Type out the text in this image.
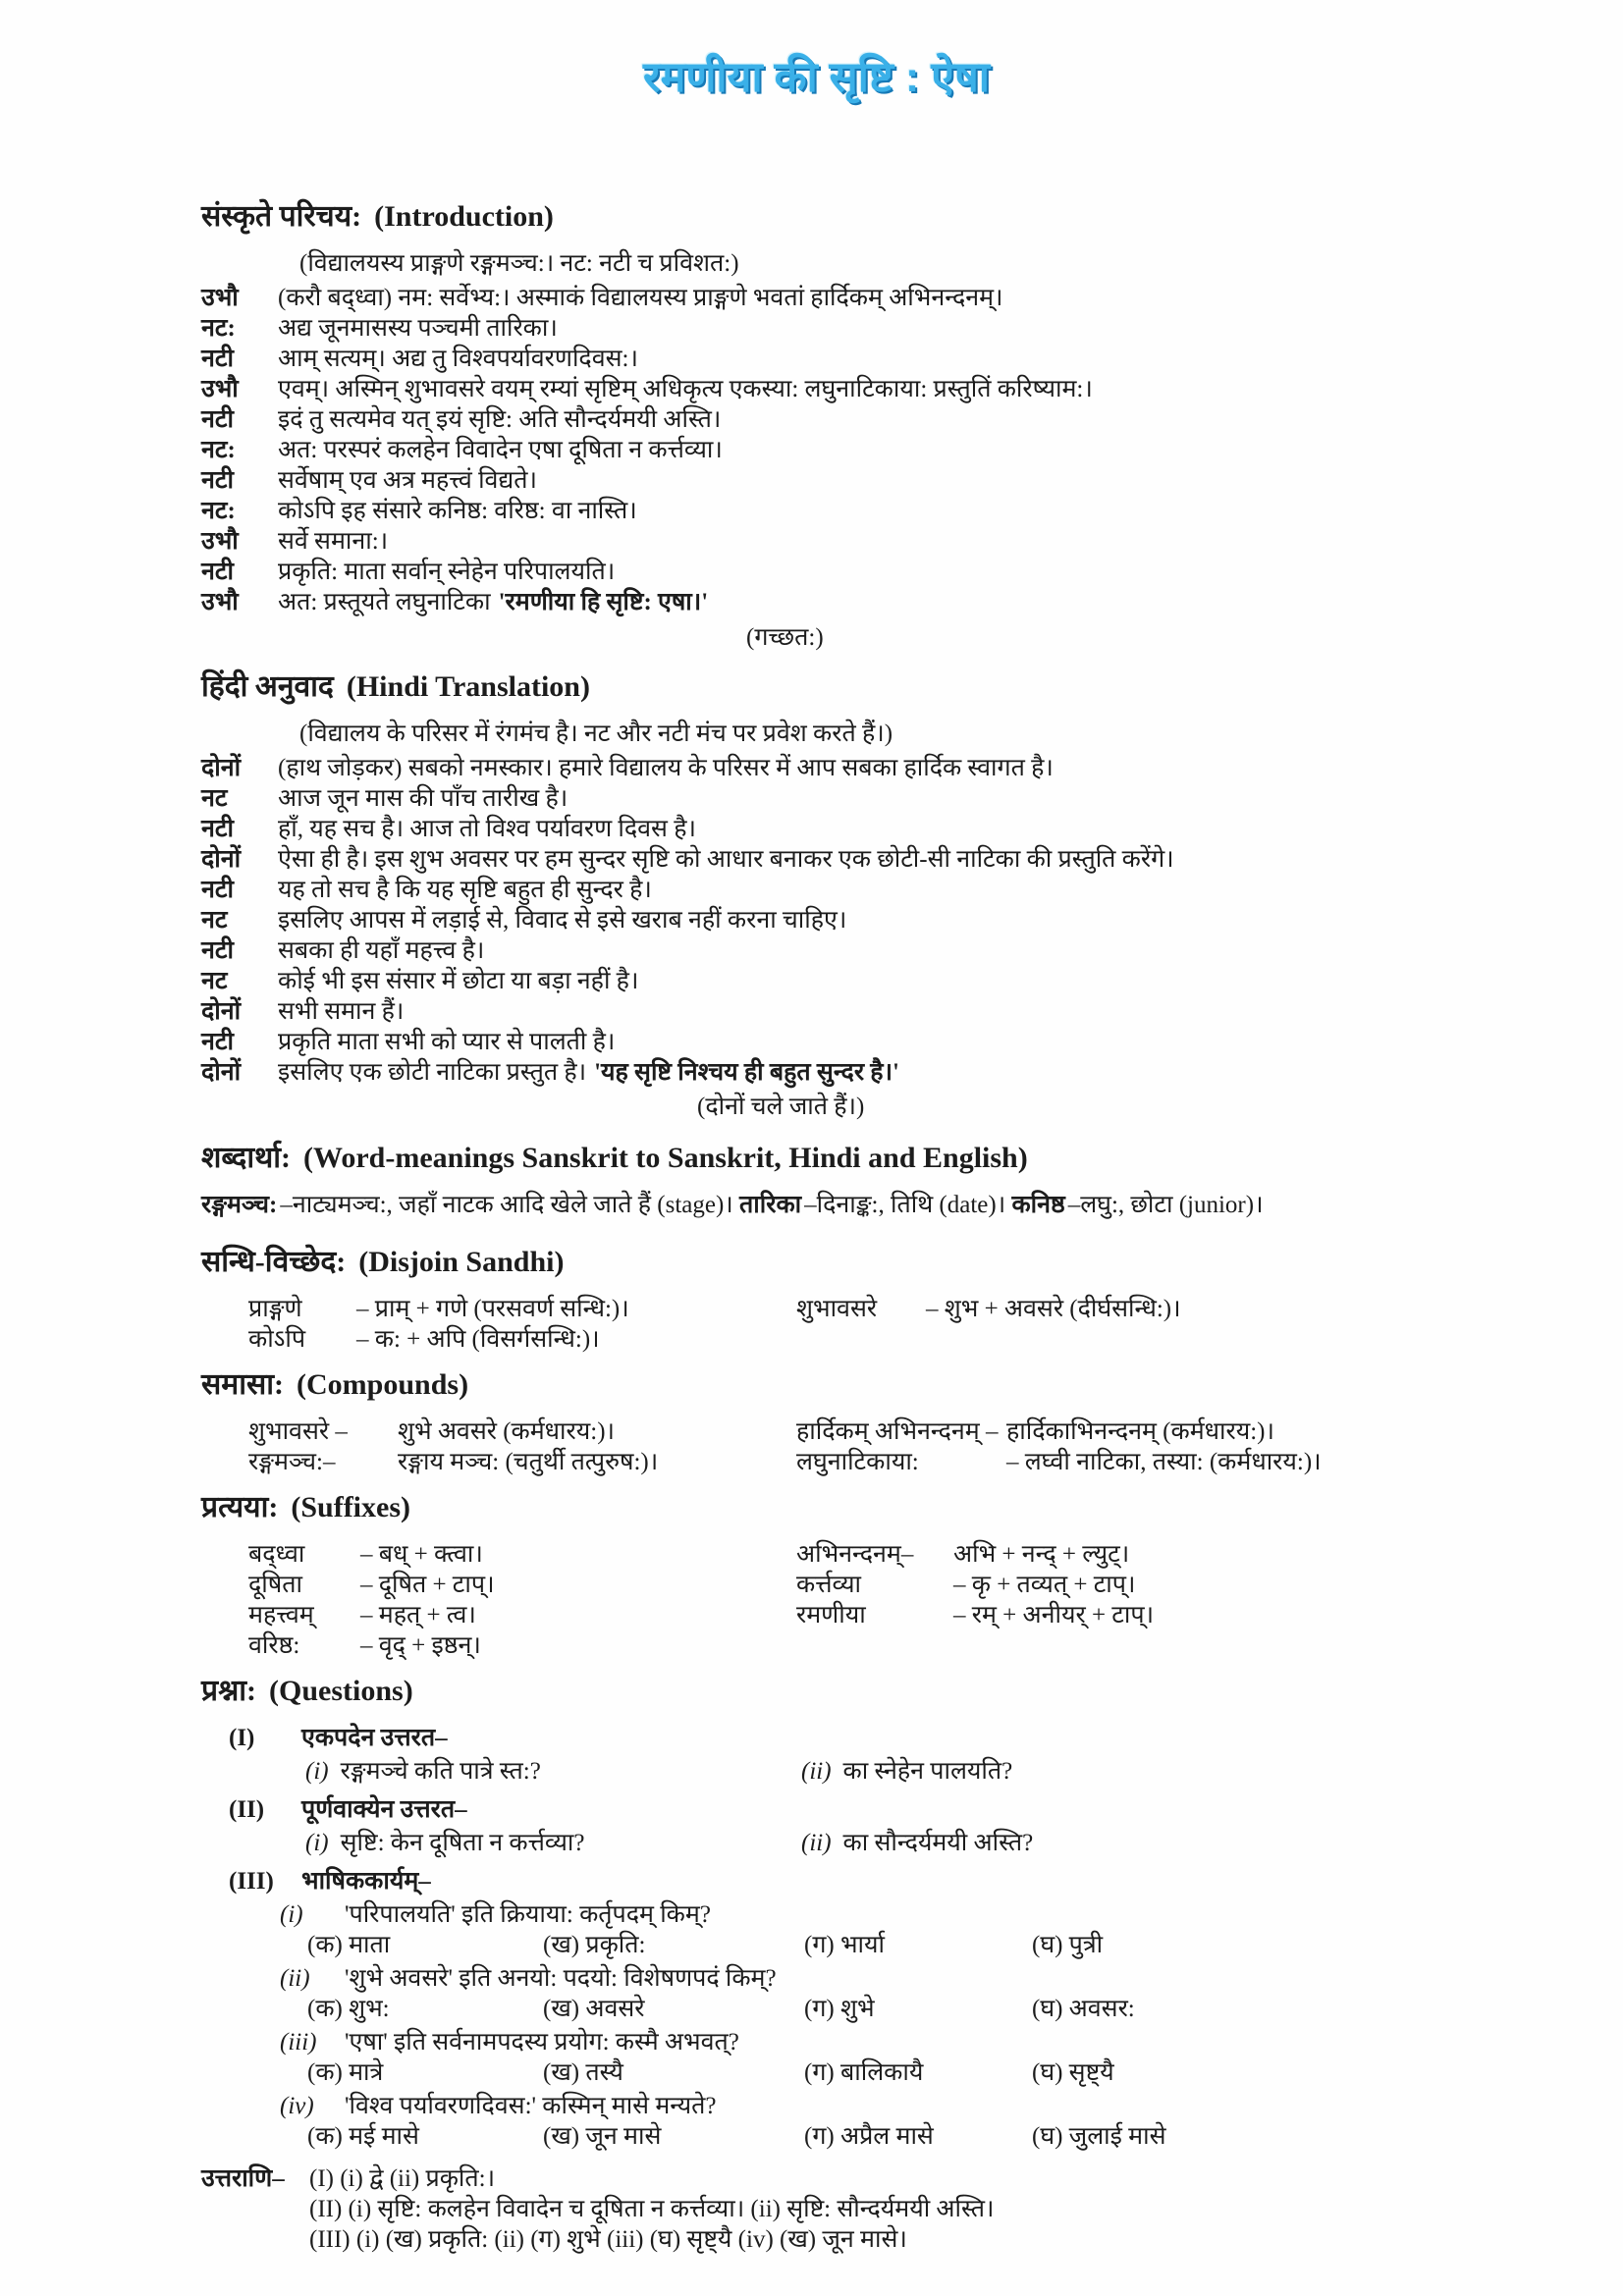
रमणीया की सृष्टि : ऐषा
संस्कृते परिचय: (Introduction)
(विद्यालयस्य प्राङ्गणे रङ्गमञ्च:। नट: नटी च प्रविशत:)
उभौ	(करौ बद्ध्वा) नम: सर्वेभ्य:। अस्माकं विद्यालयस्य प्राङ्गणे भवतां हार्दिकम् अभिनन्दनम्।
नट:	अद्य जूनमासस्य पञ्चमी तारिका।
नटी	आम् सत्यम्। अद्य तु विश्वपर्यावरणदिवस:।
उभौ	एवम्। अस्मिन् शुभावसरे वयम् रम्यां सृष्टिम् अधिकृत्य एकस्या: लघुनाटिकाया: प्रस्तुतिं करिष्याम:।
नटी	इदं तु सत्यमेव यत् इयं सृष्टि: अति सौन्दर्यमयी अस्ति।
नट:	अत: परस्परं कलहेन विवादेन एषा दूषिता न कर्त्तव्या।
नटी	सर्वेषाम् एव अत्र महत्त्वं विद्यते।
नट:	कोऽपि इह संसारे कनिष्ठ: वरिष्ठ: वा नास्ति।
उभौ	सर्वे समाना:।
नटी	प्रकृति: माता सर्वान् स्नेहेन परिपालयति।
उभौ	अत: प्रस्तूयते लघुनाटिका 'रमणीया हि सृष्टि: एषा।'
(गच्छत:)
हिंदी अनुवाद (Hindi Translation)
(विद्यालय के परिसर में रंगमंच है। नट और नटी मंच पर प्रवेश करते हैं।)
दोनों	(हाथ जोड़कर) सबको नमस्कार। हमारे विद्यालय के परिसर में आप सबका हार्दिक स्वागत है।
नट	आज जून मास की पाँच तारीख है।
नटी	हाँ, यह सच है। आज तो विश्व पर्यावरण दिवस है।
दोनों	ऐसा ही है। इस शुभ अवसर पर हम सुन्दर सृष्टि को आधार बनाकर एक छोटी-सी नाटिका की प्रस्तुति करेंगे।
नटी	यह तो सच है कि यह सृष्टि बहुत ही सुन्दर है।
नट	इसलिए आपस में लड़ाई से, विवाद से इसे खराब नहीं करना चाहिए।
नटी	सबका ही यहाँ महत्त्व है।
नट	कोई भी इस संसार में छोटा या बड़ा नहीं है।
दोनों	सभी समान हैं।
नटी	प्रकृति माता सभी को प्यार से पालती है।
दोनों	इसलिए एक छोटी नाटिका प्रस्तुत है। 'यह सृष्टि निश्चय ही बहुत सुन्दर है।'
(दोनों चले जाते हैं।)
शब्दार्था: (Word-meanings Sanskrit to Sanskrit, Hindi and English)

रङ्गमञ्च: –नाट्यमञ्च:, जहाँ नाटक आदि खेले जाते हैं (stage)। तारिका –दिनाङ्क:, तिथि (date)। कनिष्ठ –लघु:, छोटा (junior)।

सन्धि-विच्छेद: (Disjoin Sandhi)
प्राङ्गणे – प्राम् + गणे (परसवर्ण सन्धि:)।	शुभावसरे – शुभ + अवसरे (दीर्घसन्धि:)।
कोऽपि – क: + अपि (विसर्गसन्धि:)।
समासा: (Compounds)
शुभावसरे – शुभे अवसरे (कर्मधारय:)।	हार्दिकम् अभिनन्दनम् – हार्दिकाभिनन्दनम् (कर्मधारय:)।
रङ्गमञ्च:–	रङ्गाय मञ्च: (चतुर्थी तत्पुरुष:)।	लघुनाटिकाया:	– लघ्वी नाटिका, तस्या: (कर्मधारय:)।
प्रत्यया: (Suffixes)
बद्ध्वा – बध् + क्त्वा।	अभिनन्दनम्– अभि + नन्द् + ल्युट्।
दूषिता – दूषित + टाप्।	कर्त्तव्या	– कृ + तव्यत् + टाप्।
महत्त्वम् – महत् + त्व।	रमणीया	– रम् + अनीयर् + टाप्।
वरिष्ठ: – वृद् + इष्ठन्।
प्रश्ना: (Questions)
(I)	एकपदेन उत्तरत–
(i) रङ्गमञ्चे कति पात्रे स्त:?	(ii) का स्नेहेन पालयति?
(II)	पूर्णवाक्येन उत्तरत–
(i) सृष्टि: केन दूषिता न कर्त्तव्या?	(ii) का सौन्दर्यमयी अस्ति?
(III)	भाषिककार्यम्–
(i)	'परिपालयति' इति क्रियाया: कर्तृपदम् किम्?
(क) माता	(ख) प्रकृति:	(ग) भार्या	(घ) पुत्री
(ii)	'शुभे अवसरे' इति अनयो: पदयो: विशेषणपदं किम्?
(क) शुभ:	(ख) अवसरे	(ग) शुभे	(घ) अवसर:
(iii)	'एषा' इति सर्वनामपदस्य प्रयोग: कस्मै अभवत्?
(क) मात्रे	(ख) तस्यै	(ग) बालिकायै	(घ) सृष्ट्यै
(iv)	'विश्व पर्यावरणदिवस:' कस्मिन् मासे मन्यते?
(क) मई मासे	(ख) जून मासे	(ग) अप्रैल मासे	(घ) जुलाई मासे
उत्तराणि–	(I) (i) द्वे (ii) प्रकृति:।
(II) (i) सृष्टि: कलहेन विवादेन च दूषिता न कर्त्तव्या। (ii) सृष्टि: सौन्दर्यमयी अस्ति।
(III) (i) (ख) प्रकृति: (ii) (ग) शुभे (iii) (घ) सृष्ट्यै (iv) (ख) जून मासे।
